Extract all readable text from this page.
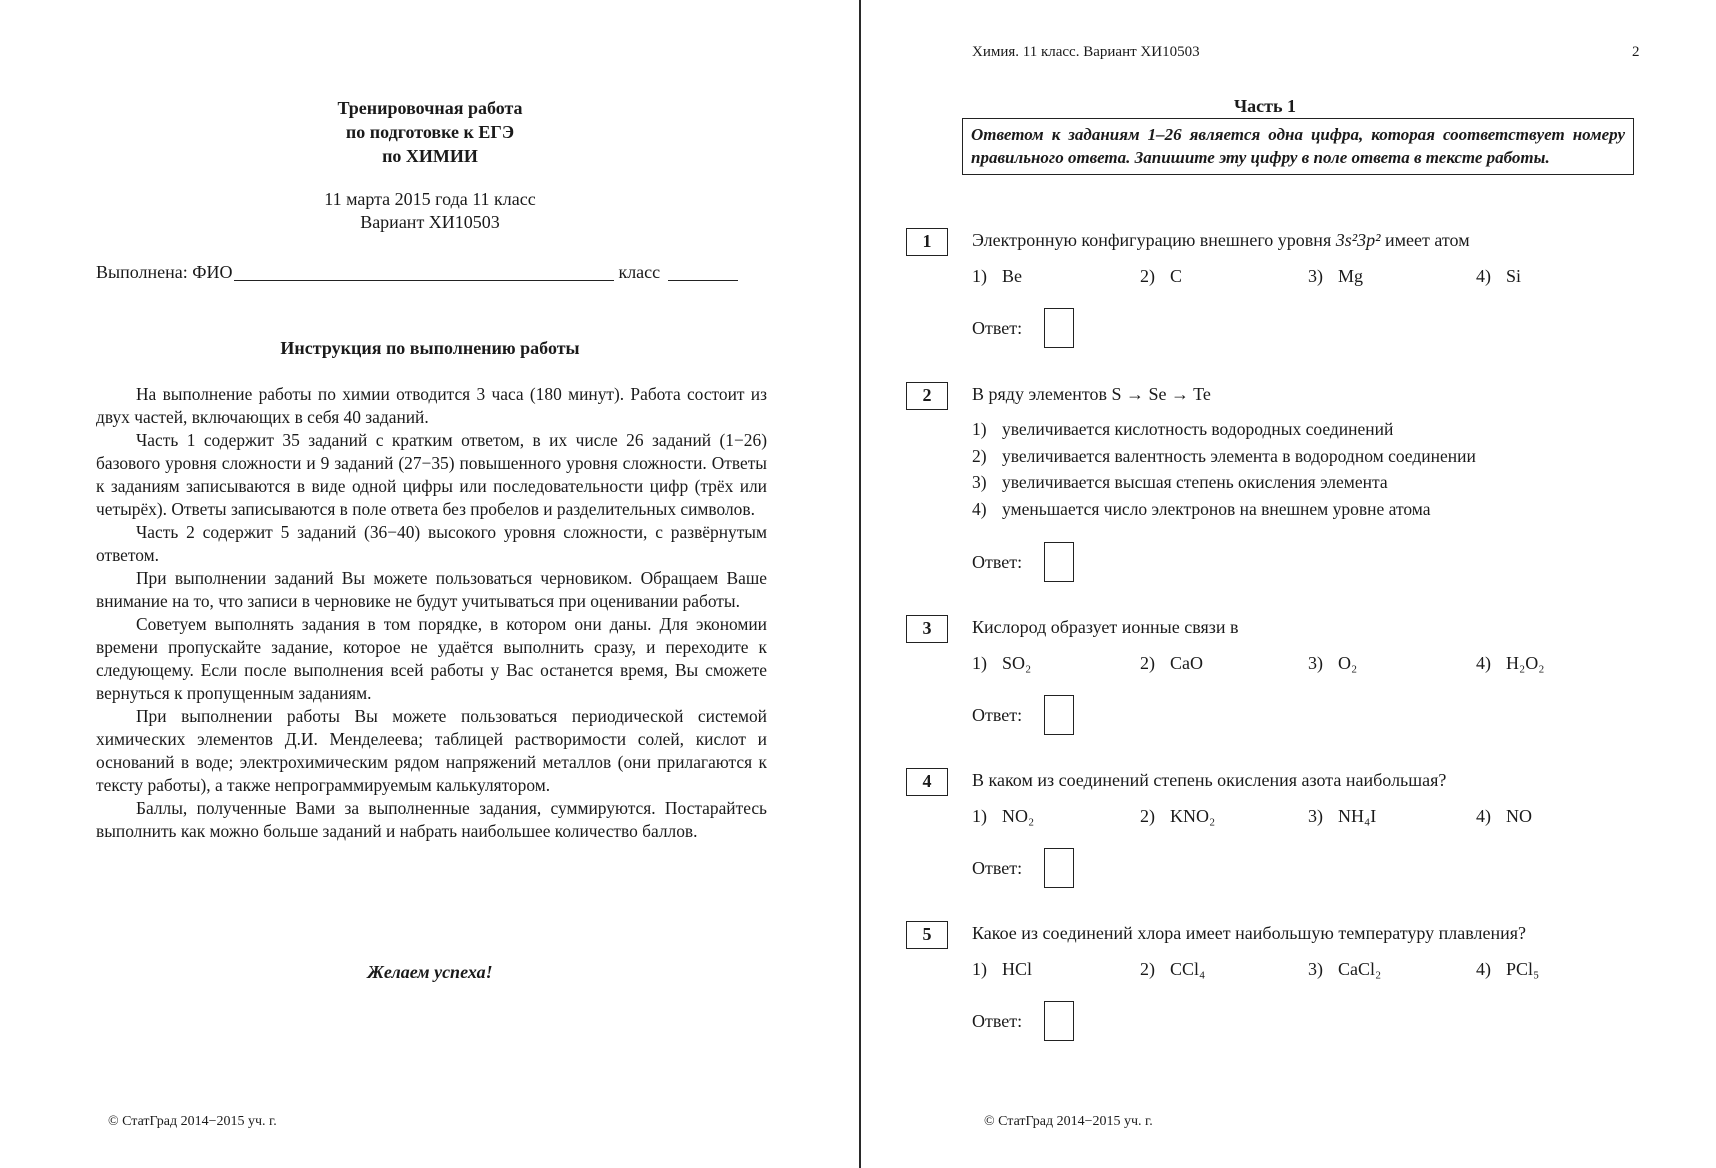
Тренировочная работа
по подготовке к ЕГЭ
по ХИМИИ
11 марта 2015 года 11 класс
Вариант ХИ10503
Выполнена: ФИО	класс
Инструкция по выполнению работы

На выполнение работы по химии отводится 3 часа (180 минут). Работа состоит из двух частей, включающих в себя 40 заданий.

Часть 1 содержит 35 заданий с кратким ответом, в их числе 26 заданий (1−26) базового уровня сложности и 9 заданий (27−35) повышенного уровня сложности. Ответы к заданиям записываются в виде одной цифры или последовательности цифр (трёх или четырёх). Ответы записываются в поле ответа без пробелов и разделительных символов.

Часть 2 содержит 5 заданий (36−40) высокого уровня сложности, с развёрнутым ответом.

При выполнении заданий Вы можете пользоваться черновиком. Обращаем Ваше внимание на то, что записи в черновике не будут учитываться при оценивании работы.

Советуем выполнять задания в том порядке, в котором они даны. Для экономии времени пропускайте задание, которое не удаётся выполнить сразу, и переходите к следующему. Если после выполнения всей работы у Вас останется время, Вы сможете вернуться к пропущенным заданиям.

При выполнении работы Вы можете пользоваться периодической системой химических элементов Д.И. Менделеева; таблицей растворимости солей, кислот и оснований в воде; электрохимическим рядом напряжений металлов (они прилагаются к тексту работы), а также непрограммируемым калькулятором.

Баллы, полученные Вами за выполненные задания, суммируются. Постарайтесь выполнить как можно больше заданий и набрать наибольшее количество баллов.

Желаем успеха!
© СтатГрад 2014−2015 уч. г.
Химия. 11 класс. Вариант ХИ10503	2
Часть 1
Ответом к заданиям 1–26 является одна цифра, которая соответствует номеру правильного ответа. Запишите эту цифру в поле ответа в тексте работы.
1	Электронную конфигурацию внешнего уровня 3s²3p² имеет атом
1) Be	2) C	3) Mg	4) Si
Ответ:
2	В ряду элементов S → Se → Te
1) увеличивается кислотность водородных соединений
2) увеличивается валентность элемента в водородном соединении
3) увеличивается высшая степень окисления элемента
4) уменьшается число электронов на внешнем уровне атома
Ответ:
3	Кислород образует ионные связи в
1) SO₂	2) CaO	3) O₂	4) H₂O₂
Ответ:
4	В каком из соединений степень окисления азота наибольшая?
1) NO₂	2) KNO₂	3) NH₄I	4) NO
Ответ:
5	Какое из соединений хлора имеет наибольшую температуру плавления?
1) HCl	2) CCl₄	3) CaCl₂	4) PCl₅
Ответ:
© СтатГрад 2014−2015 уч. г.
